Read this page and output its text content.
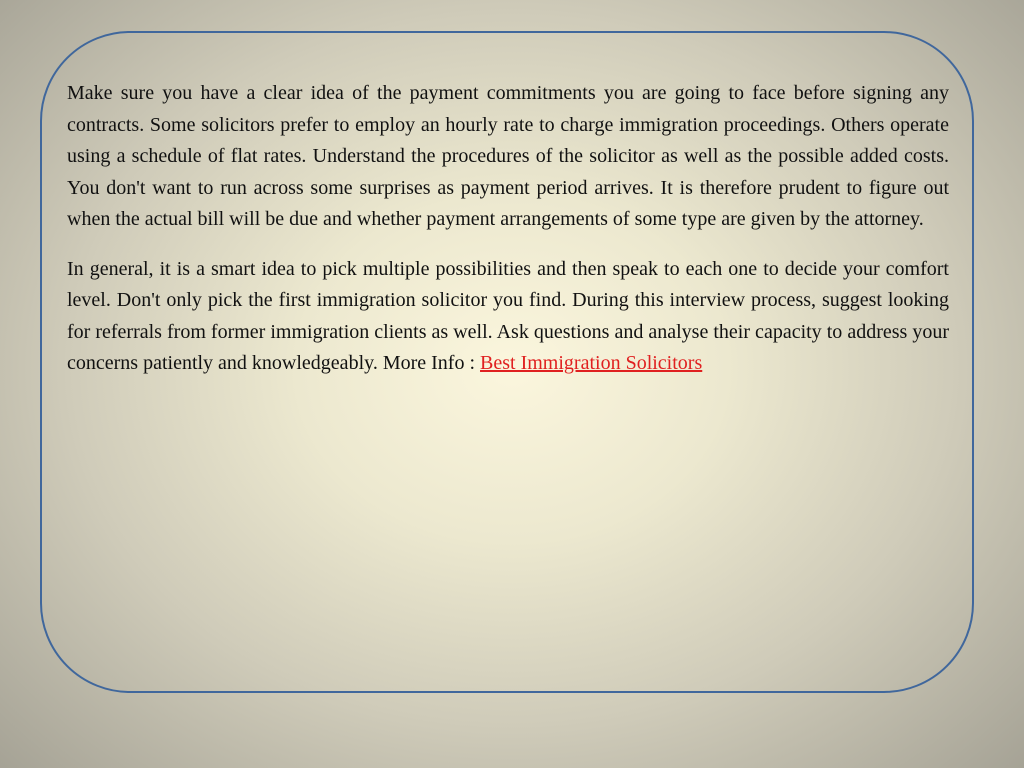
Make sure you have a clear idea of the payment commitments you are going to face before signing any contracts. Some solicitors prefer to employ an hourly rate to charge immigration proceedings. Others operate using a schedule of flat rates. Understand the procedures of the solicitor as well as the possible added costs. You don't want to run across some surprises as payment period arrives. It is therefore prudent to figure out when the actual bill will be due and whether payment arrangements of some type are given by the attorney.

In general, it is a smart idea to pick multiple possibilities and then speak to each one to decide your comfort level. Don't only pick the first immigration solicitor you find. During this interview process, suggest looking for referrals from former immigration clients as well. Ask questions and analyse their capacity to address your concerns patiently and knowledgeably. More Info : Best Immigration Solicitors
